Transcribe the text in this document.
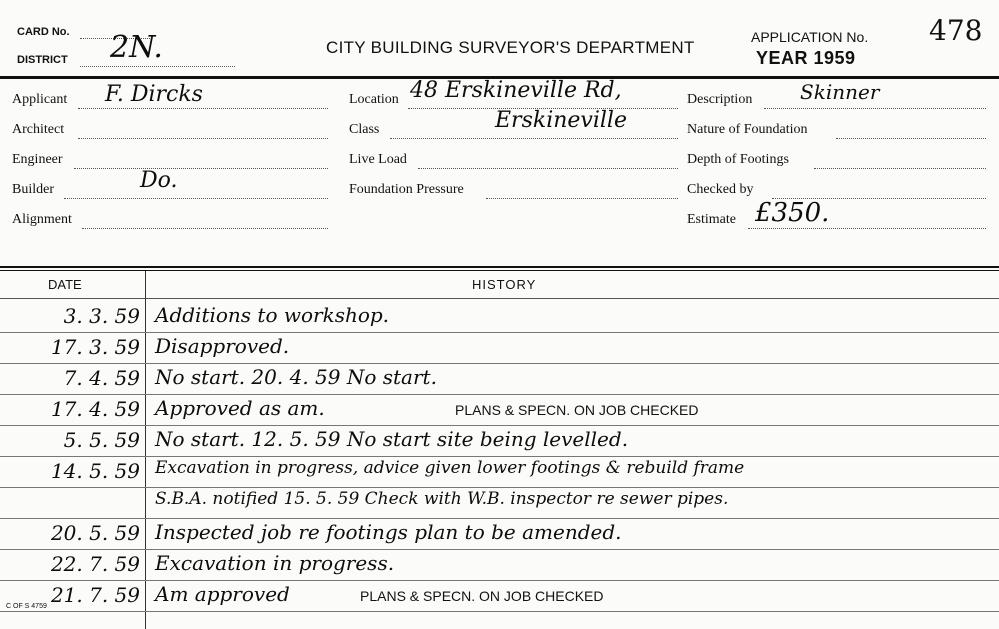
CARD No.
DISTRICT 2N.	CITY BUILDING SURVEYOR'S DEPARTMENT
APPLICATION No. 478
YEAR 1959
Applicant F. Dircks
Architect
Engineer
Builder	Do.
Alignment
Location 48 Erskineville Rd,
Erskineville
Class
Live Load
Foundation Pressure
Description Skinner
Nature of Foundation
Depth of Footings
Checked by
Estimate £350.
DATE	HISTORY
3. 3. 59 Additions to workshop.
17. 3. 59 Disapproved.
7. 4. 59 No start. 20. 4. 59 No start.
17. 4. 59 Approved as am.	PLANS & SPECN. ON JOB CHECKED
5. 5. 59 No start. 12. 5. 59 No start site being levelled.
14. 5. 59 Excavation in progress, advice given lower footings & rebuild frame
S.B.A. notified 15. 5. 59 Check with W.B. inspector re sewer pipes.
20. 5. 59 Inspected job re footings plan to be amended.
22. 7. 59 Excavation in progress.
21. 7. 59 Am approved	PLANS & SPECN. ON JOB CHECKED
C OF S 4759
